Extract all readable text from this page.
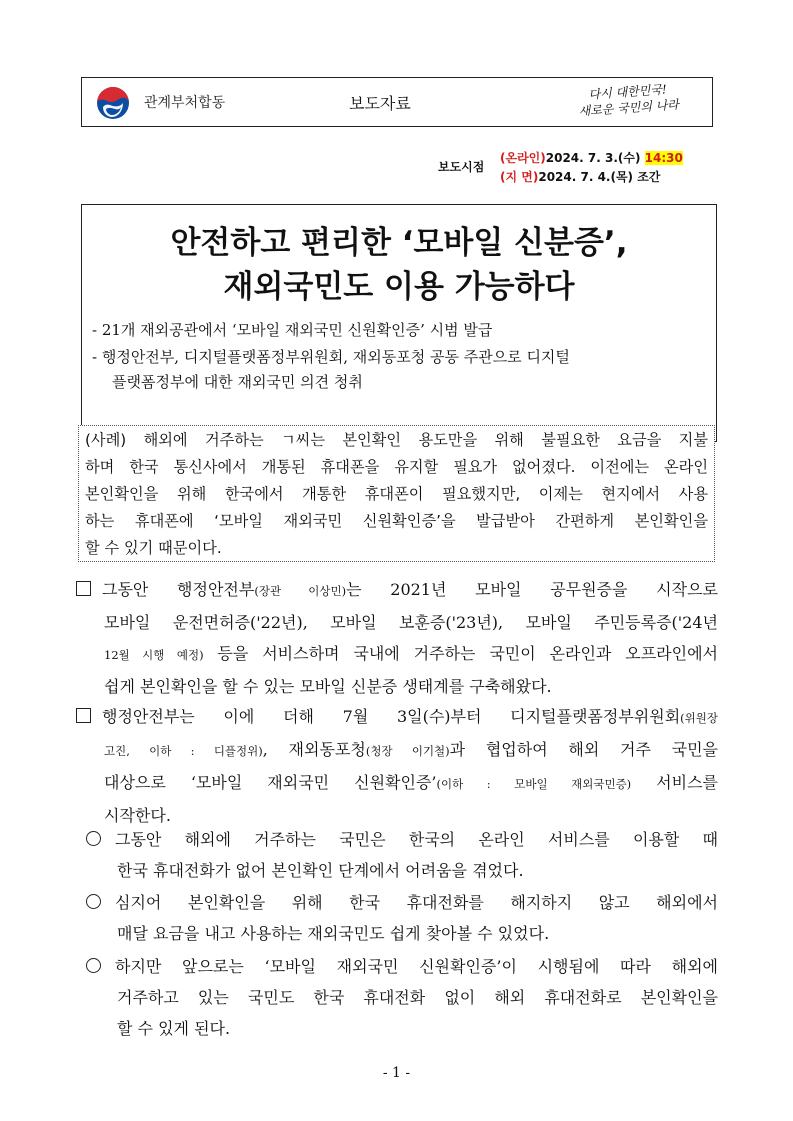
관계부처합동	보도자료
다시 대한민국!
새로운 국민의 나라
보도시점
(온라인)2024. 7. 3.(수) 14:30
(지 면)2024. 7. 4.(목) 조간
안전하고 편리한 ‘모바일 신분증’,
재외국민도 이용 가능하다
- 21개 재외공관에서 ‘모바일 재외국민 신원확인증’ 시범 발급
- 행정안전부, 디지털플랫폼정부위원회, 재외동포청 공동 주관으로 디지털
플랫폼정부에 대한 재외국민 의견 청취
(사례) 해외에 거주하는 ㄱ씨는 본인확인 용도만을 위해 불필요한 요금을 지불
하며 한국 통신사에서 개통된 휴대폰을 유지할 필요가 없어졌다. 이전에는 온라인
본인확인을 위해 한국에서 개통한 휴대폰이 필요했지만, 이제는 현지에서 사용
하는 휴대폰에 ‘모바일 재외국민 신원확인증’을 발급받아 간편하게 본인확인을
할 수 있기 때문이다.
그동안 행정안전부(장관 이상민)는 2021년 모바일 공무원증을 시작으로
모바일 운전면허증('22년), 모바일 보훈증('23년), 모바일 주민등록증('24년
12월 시행 예정) 등을 서비스하며 국내에 거주하는 국민이 온라인과 오프라인에서
쉽게 본인확인을 할 수 있는 모바일 신분증 생태계를 구축해왔다.
행정안전부는 이에 더해 7월 3일(수)부터 디지털플랫폼정부위원회(위원장
고진, 이하 : 디플정위), 재외동포청(청장 이기철)과 협업하여 해외 거주 국민을
대상으로 ‘모바일 재외국민 신원확인증’(이하 : 모바일 재외국민증) 서비스를
시작한다.
그동안 해외에 거주하는 국민은 한국의 온라인 서비스를 이용할 때
한국 휴대전화가 없어 본인확인 단계에서 어려움을 겪었다.
심지어 본인확인을 위해 한국 휴대전화를 해지하지 않고 해외에서
매달 요금을 내고 사용하는 재외국민도 쉽게 찾아볼 수 있었다.
하지만 앞으로는 ‘모바일 재외국민 신원확인증’이 시행됨에 따라 해외에
거주하고 있는 국민도 한국 휴대전화 없이 해외 휴대전화로 본인확인을
할 수 있게 된다.
- 1 -
